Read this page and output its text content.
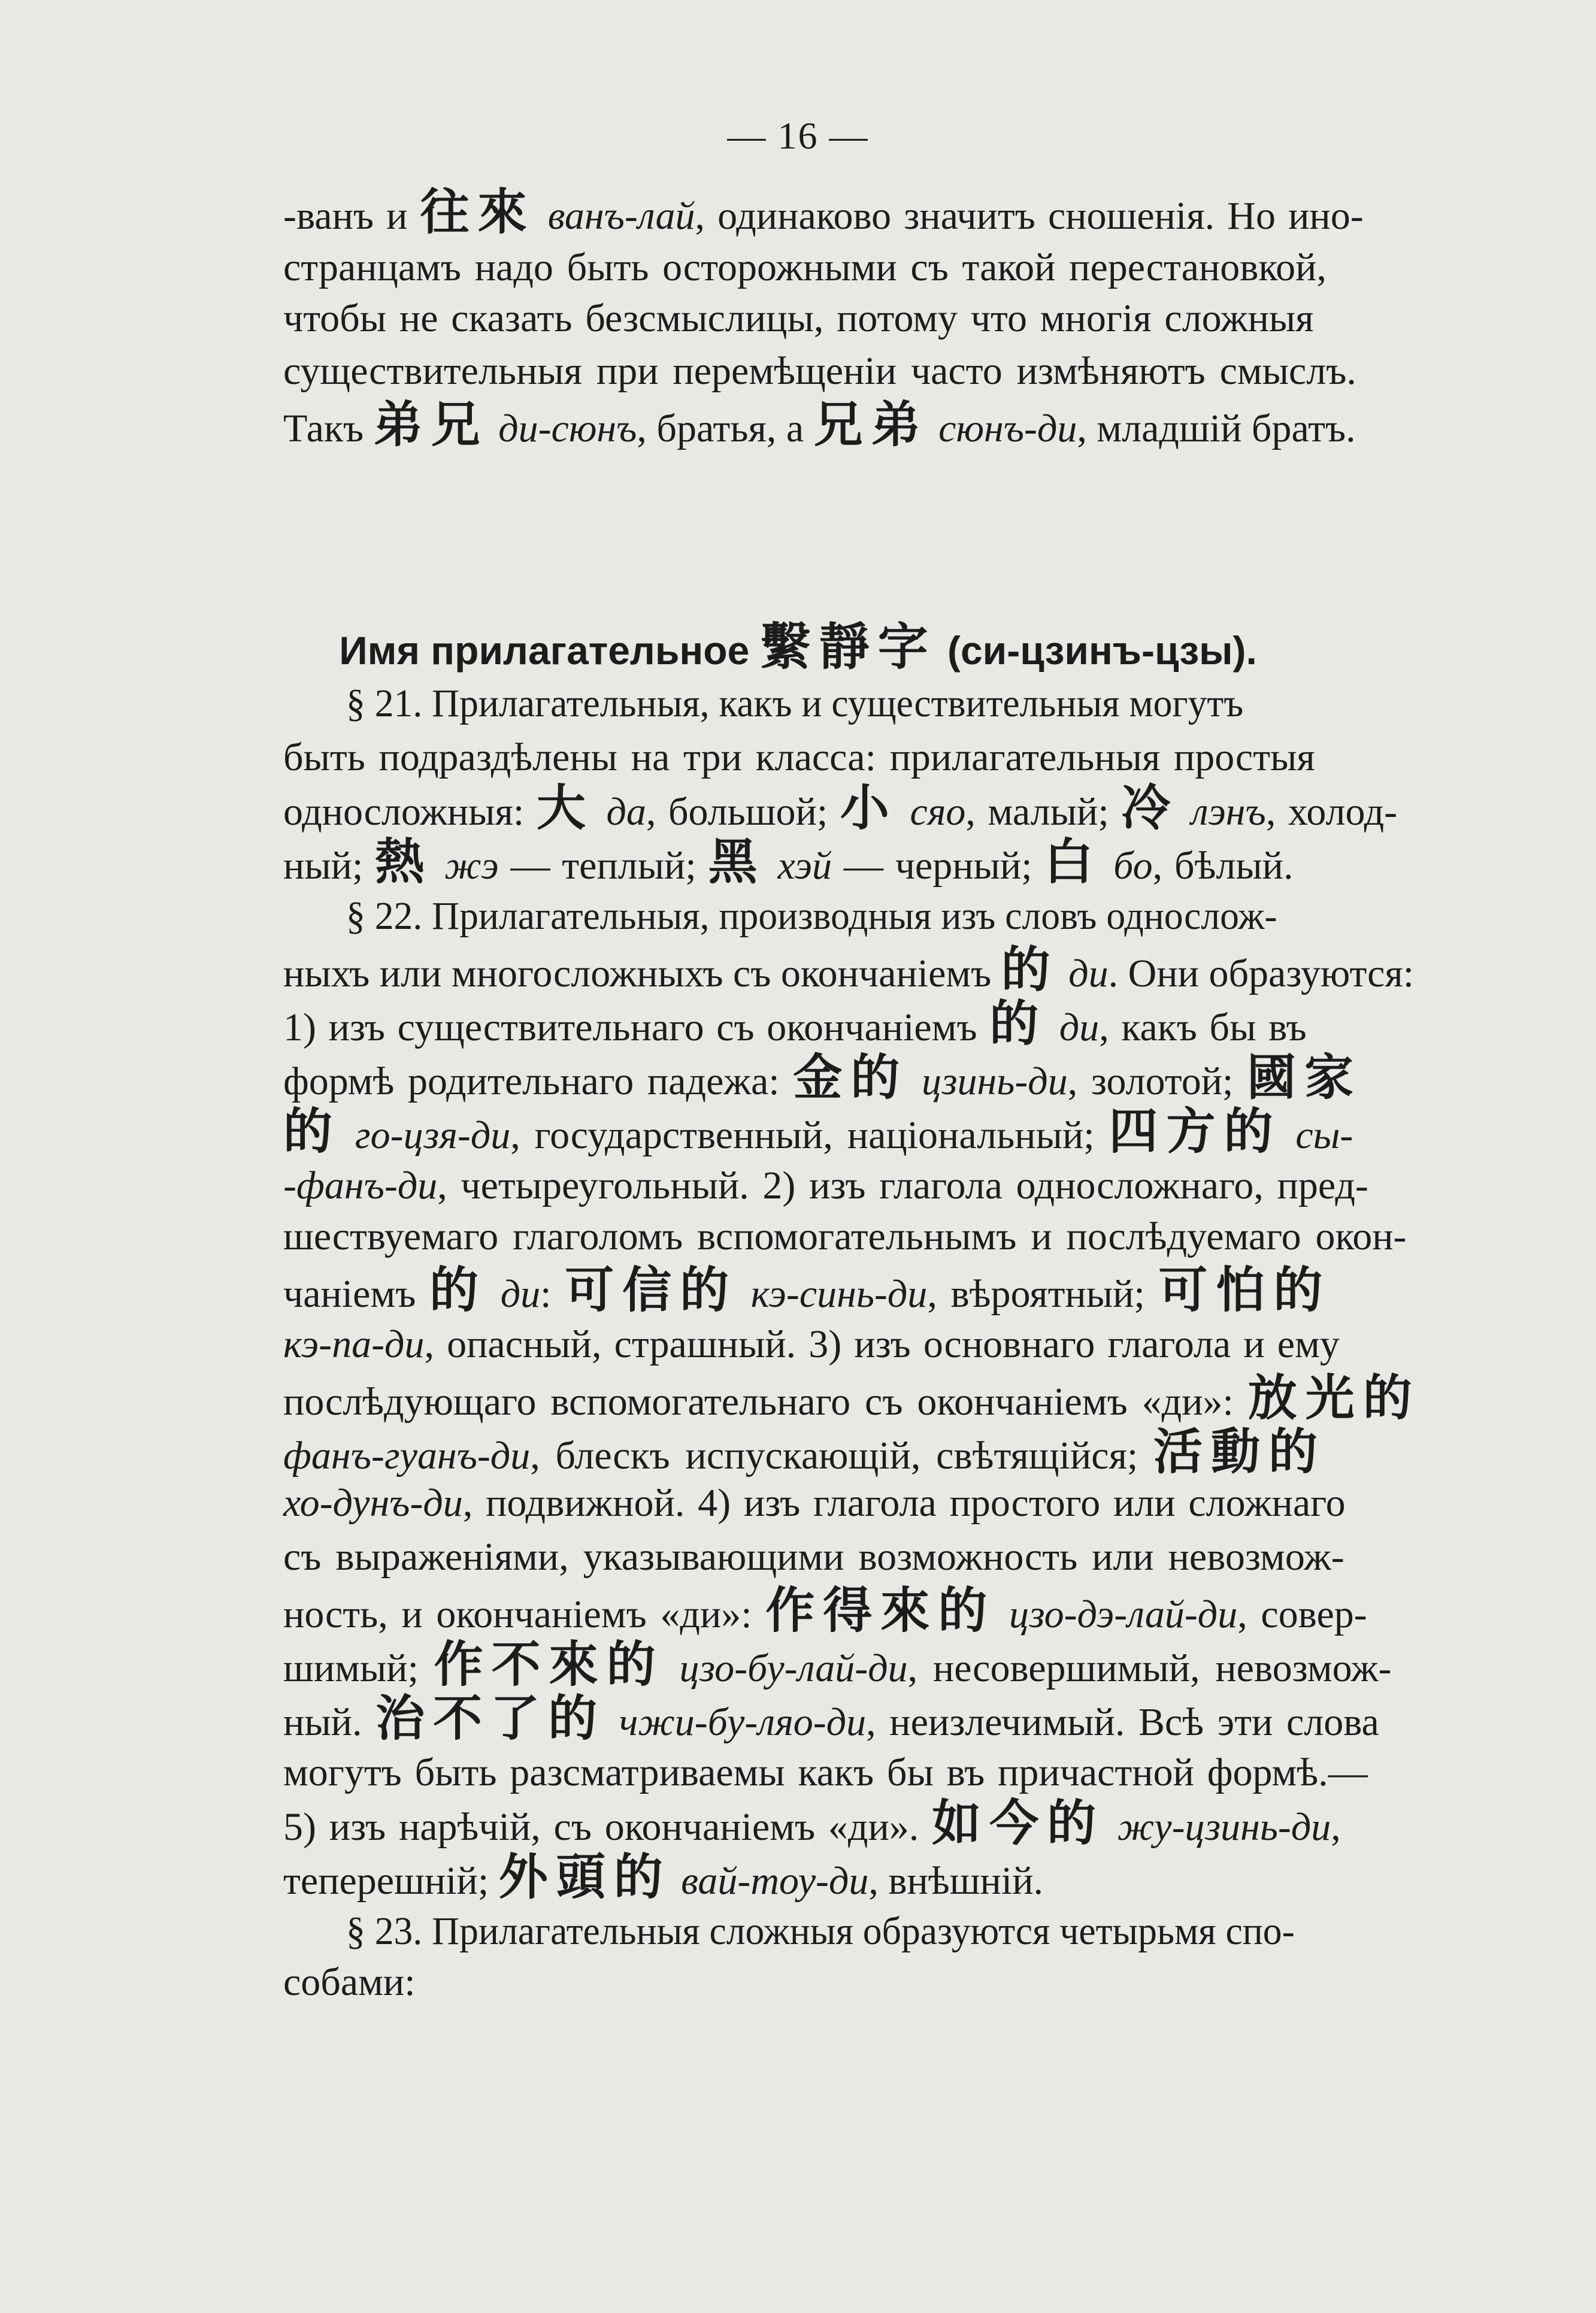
— 16 —
Имя прилагательное 繫靜字 (си-цзинъ-цзы).
-ванъ и 往來 ванъ-лай, одинаково значитъ сношенія. Но ино-
странцамъ надо быть осторожными съ такой перестановкой,
чтобы не сказать безсмыслицы, потому что многія сложныя
существительныя при перемѣщеніи часто измѣняютъ смыслъ.
Такъ 弟兄 ди-сюнъ, братья, а 兄弟 сюнъ-ди, младшій братъ.
§ 21. Прилагательныя, какъ и существительныя могутъ
быть подраздѣлены на три класса: прилагательныя простыя
односложныя: 大 да, большой; 小 сяо, малый; 冷 лэнъ, холод-
ный; 熱 жэ — теплый; 黑 хэй — черный; 白 бо, бѣлый.
§ 22. Прилагательныя, производныя изъ словъ однослож-
ныхъ или многосложныхъ съ окончаніемъ 的 ди. Они образуются:
1) изъ существительнаго съ окончаніемъ 的 ди, какъ бы въ
формѣ родительнаго падежа: 金的 цзинь-ди, золотой; 國家
的 го-цзя-ди, государственный, національный; 四方的 сы-
-фанъ-ди, четыреугольный. 2) изъ глагола односложнаго, пред-
шествуемаго глаголомъ вспомогательнымъ и послѣдуемаго окон-
чаніемъ 的 ди: 可信的 кэ-синь-ди, вѣроятный; 可怕的
кэ-па-ди, опасный, страшный. 3) изъ основнаго глагола и ему
послѣдующаго вспомогательнаго съ окончаніемъ «ди»: 放光的
фанъ-гуанъ-ди, блескъ испускающій, свѣтящійся; 活動的
хо-дунъ-ди, подвижной. 4) изъ глагола простого или сложнаго
съ выраженіями, указывающими возможность или невозмож-
ность, и окончаніемъ «ди»: 作得來的 цзо-дэ-лай-ди, совер-
шимый; 作不來的 цзо-бу-лай-ди, несовершимый, невозмож-
ный. 治不了的 чжи-бу-ляо-ди, неизлечимый. Всѣ эти слова
могутъ быть разсматриваемы какъ бы въ причастной формѣ.—
5) изъ нарѣчій, съ окончаніемъ «ди». 如今的 жу-цзинь-ди,
теперешній; 外頭的 вай-тоу-ди, внѣшній.
§ 23. Прилагательныя сложныя образуются четырьмя спо-
собами:
